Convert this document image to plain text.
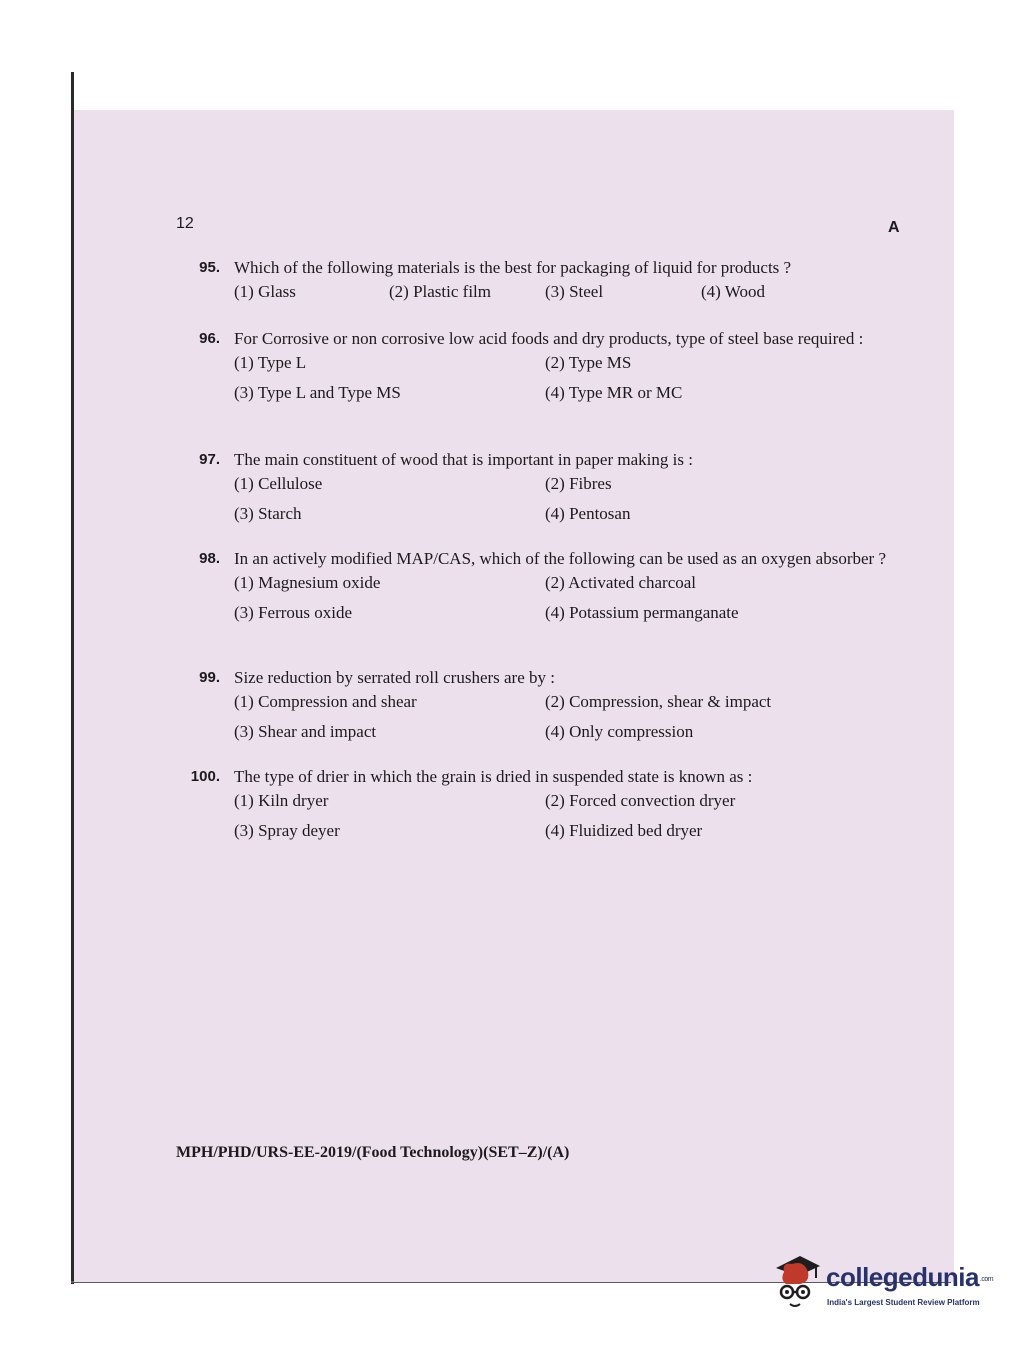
12	A
95. Which of the following materials is the best for packaging of liquid for products ?
(1) Glass	(2) Plastic film	(3) Steel	(4) Wood
96. For Corrosive or non corrosive low acid foods and dry products, type of steel base required :
(1) Type L	(2) Type MS
(3) Type L and Type MS	(4) Type MR or MC
97. The main constituent of wood that is important in paper making is :
(1) Cellulose	(2) Fibres
(3) Starch	(4) Pentosan
98. In an actively modified MAP/CAS, which of the following can be used as an oxygen absorber ?
(1) Magnesium oxide	(2) Activated charcoal
(3) Ferrous oxide	(4) Potassium permanganate
99. Size reduction by serrated roll crushers are by :
(1) Compression and shear	(2) Compression, shear & impact
(3) Shear and impact	(4) Only compression
100. The type of drier in which the grain is dried in suspended state is known as :
(1) Kiln dryer	(2) Forced convection dryer
(3) Spray deyer	(4) Fluidized bed dryer
MPH/PHD/URS-EE-2019/(Food Technology)(SET–Z)/(A)
collegedunia.com
India's Largest Student Review Platform
